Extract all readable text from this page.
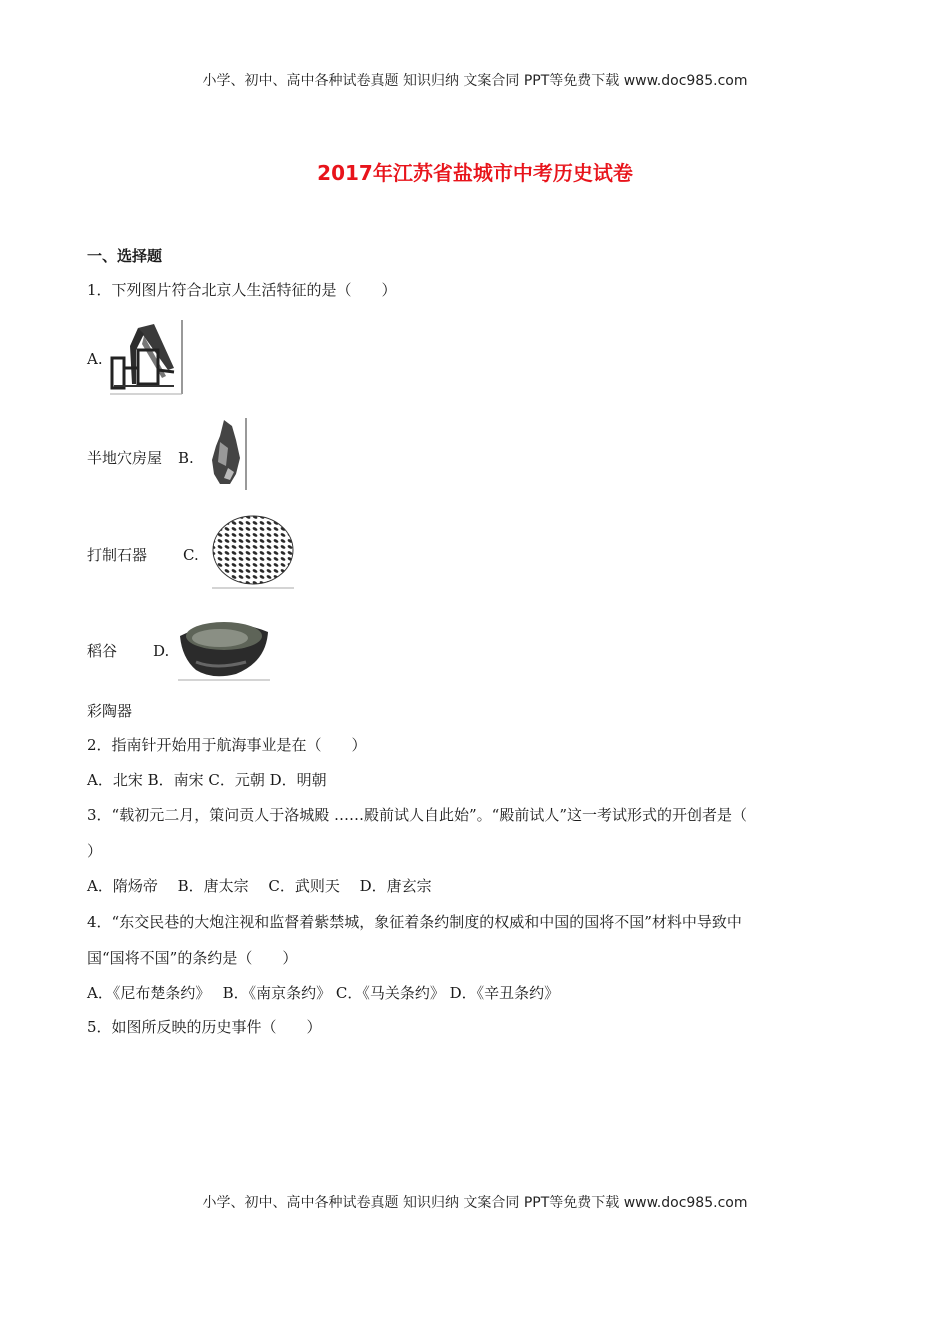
小学、初中、高中各种试卷真题 知识归纳 文案合同 PPT等免费下载 www.doc985.com
2017年江苏省盐城市中考历史试卷
一、选择题
1．下列图片符合北京人生活特征的是（　　）
A.
半地穴房屋 B.
打制石器 C.
稻谷 D.
彩陶器
2．指南针开始用于航海事业是在（　　）
A．北宋 B．南宋 C．元朝 D．明朝
3．“载初元二月，策问贡人于洛城殿 ……殿前试人自此始”。“殿前试人”这一考试形式的开创者是（
）
A．隋炀帝　 B．唐太宗　 C．武则天　 D．唐玄宗
4．“东交民巷的大炮注视和监督着紫禁城，象征着条约制度的权威和中国的国将不国”材料中导致中
国“国将不国”的条约是（　　）
A．《尼布楚条约》　 B．《南京条约》 C．《马关条约》 D．《辛丑条约》
5．如图所反映的历史事件（　　）
小学、初中、高中各种试卷真题 知识归纳 文案合同 PPT等免费下载 www.doc985.com
